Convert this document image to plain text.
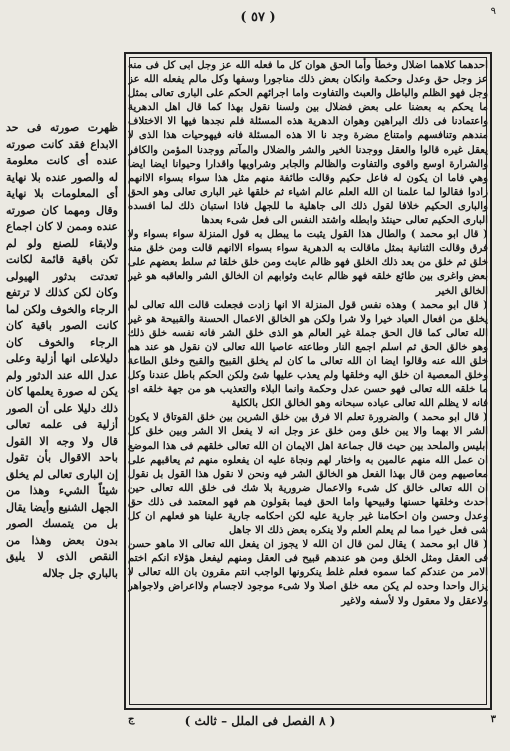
( ٥٧ )	٩

احدهما كلاهما اضلال وخطأ وأما الحق هوان كل ما فعله الله عز وجل ابى كل فى منه عز وجل حق وعدل وحكمة وانكان بعض ذلك مناجورا وسفها وكل مالم يفعله الله عز وجل فهو الظلم والباطل والعبث والتفاوت واما اجرائهم الحكم على البارى تعالى بمثل ما يحكم به بعضنا على بعض فضلال بين ولسنا نقول بهذا كما قال اهل الدهرية واعتمادنا فى ذلك البراهين وهوان الدهرية هذه المسئلة فلم نجدها فيها الا الاختلاف مندهم وتنافسهم وامتناع مضرة وجد نا الا هذه المسئلة فانه فيهوحيات هذا الذى لا يعقل غيره قالوا والعقل ووجدنا الخير والشر والضلال والمآتم ووجدنا المؤمن والكافر والشرارة اوسع واقوى والتفاوت والظالم والجابر وشراويها واقدارا وحيوانا ايضا ايضا وهي فاما ان يكون له فاعل حكيم وقالت طائفة منهم مثل هذا سواء بسواء الاانهم زادوا فقالوا لما علمنا ان الله العلم عالم اشياء ثم خلقها غير البارى تعالى وهو الحق والبارى الحكيم خلافا لقول ذلك الى جاهلية ما للجهل فاذا استبان ذلك لما افسده البارى الحكيم تعالى حينئذ وابطله واشتد النفس الى فعل شىء بعدها

( قال ابو محمد ) والطال هذا القول يثبت ما يبطل به قول المنزلة سواء بسواء ولا فرق وقالت الثنانية بمثل ماقالت به الدهرية سواء بسواء الاانهم قالت ومن خلق منه خلق ثم خلق من بعد ذلك الخلق فهو ظالم عابث ومن خلق خلقا ثم سلط بعضهم على بعض واغرى بين طائع خلقه فهو ظالم عابث وثوابهم ان الخالق الشر والعاقبه هو غير الخالق الخير

( قال ابو محمد ) وهذه نفس قول المنزلة الا انها زادت فجعلت قالت الله تعالى لم يخلق من افعال العباد خيرا ولا شرا ولكن هو الخالق الاعمال الحسنة والقبيحة هو غير الله تعالى كما قال الحق جملة غير العالم هو الذى خلق الشر فانه نفسه خلق ذلك وهو خالق الحق ثم اسلم اجمع النار وطاعته عاصيا الله تعالى لان نقول هو عند هم خلق الله عنه وقالوا ايضا ان الله تعالى ما كان لم يخلق القبيح والقبح وخلق الطاعة وخلق المعصية ان خلق اليه وخلقها ولم يعذب عليها شئ ولكن الحكم باطل عندنا وكل ما خلقه الله تعالى فهو حسن عدل وحكمة وانما البلاء والتعذيب هو من جهة خلقه اى فانه لا يظلم الله تعالى عباده سبحانه وهو الخالق الكل بالكلية

( قال ابو محمد ) والضرورة تعلم الا فرق بين خلق الشرين بين خلق القوتاق لا يكون الشر الا بهما والا يبن خلق ومن خلق عز وجل انه لا يفعل الا الشر وبين خلق كل ابليس والملحد بين حيث قال جماعة اهل الايمان ان الله تعالى خلقهم فى هذا الموضع ان عمل الله منهم عالمين به واختار لهم ونجاة عليه ان يفعلوه منهم ثم يعاقبهم على معاصيهم ومن قال بهذا الفعل هو الخالق الشر فيه ونحن لا نقول هذا القول بل نقول ان الله تعالى خالق كل شىء والاعمال ضرورية بلا شك فى خلق الله تعالى حين احدث وخلقها حسنها وقبيحها واما الحق فيما بقولون هم فهو المعتمد فى ذلك حق وعدل وحسن وان احكامنا غير جارية عليه لكن احكامه جارية علينا هو فعلهم ان كل شى فعل خيرا مما لم يعلم العلم ولا ينكره بعض ذلك الا جاهل

( قال ابو محمد ) يقال لمن قال ان الله لا يجوز ان يفعل الله تعالى الا ماهو حسن فى العقل ومثل الخلق ومن هو عندهم قبيح فى العقل ومنهم ليفعل هؤلاء انكم اختم الامر من عندكم كما سموه فعلم غلط ينكرونها الواجب انتم مقرون بان الله تعالى لا يزال واحدا وحده لم يكن معه خلق اصلا ولا شىء موجود لاجسام ولااعراض ولاجواهر ولاعقل ولا معقول ولا لأسفه ولاغير

ظهرت صورته فى حد الابداع فقد كانت صورته عنده أى كانت معلومة له والصور عنده بلا نهاية أى المعلومات بلا نهاية وقال ومهما كان صورته عنده وممن لا كان اجماع ولابقاء للصنع ولو لم تكن باقية قائمة لكانت تعدتت بدثور الهيولى وكان لكن كذلك لا ترتفع الرجاء والخوف ولكن لما كانت الصور باقية كان الرجاء والخوف كان دليلاعلى انها أزلية وعلى عدل الله عند الدثور ولم يكن له صورة يعلمها كان ذلك دليلا على أن الصور أزلية فى علمه تعالى قال ولا وجه الا القول باحد الاقوال بأن تقول إن البارى تعالى لم يخلق شيئاً الشيء وهذا من الجهل الشنيع وأيضا يقال بل من يتمسك الصور بدون بعض وهذا من النقص الذى لا يليق بالباري جل جلاله
٣
( ٨ الفصل فى الملل – ثالث )
ج
